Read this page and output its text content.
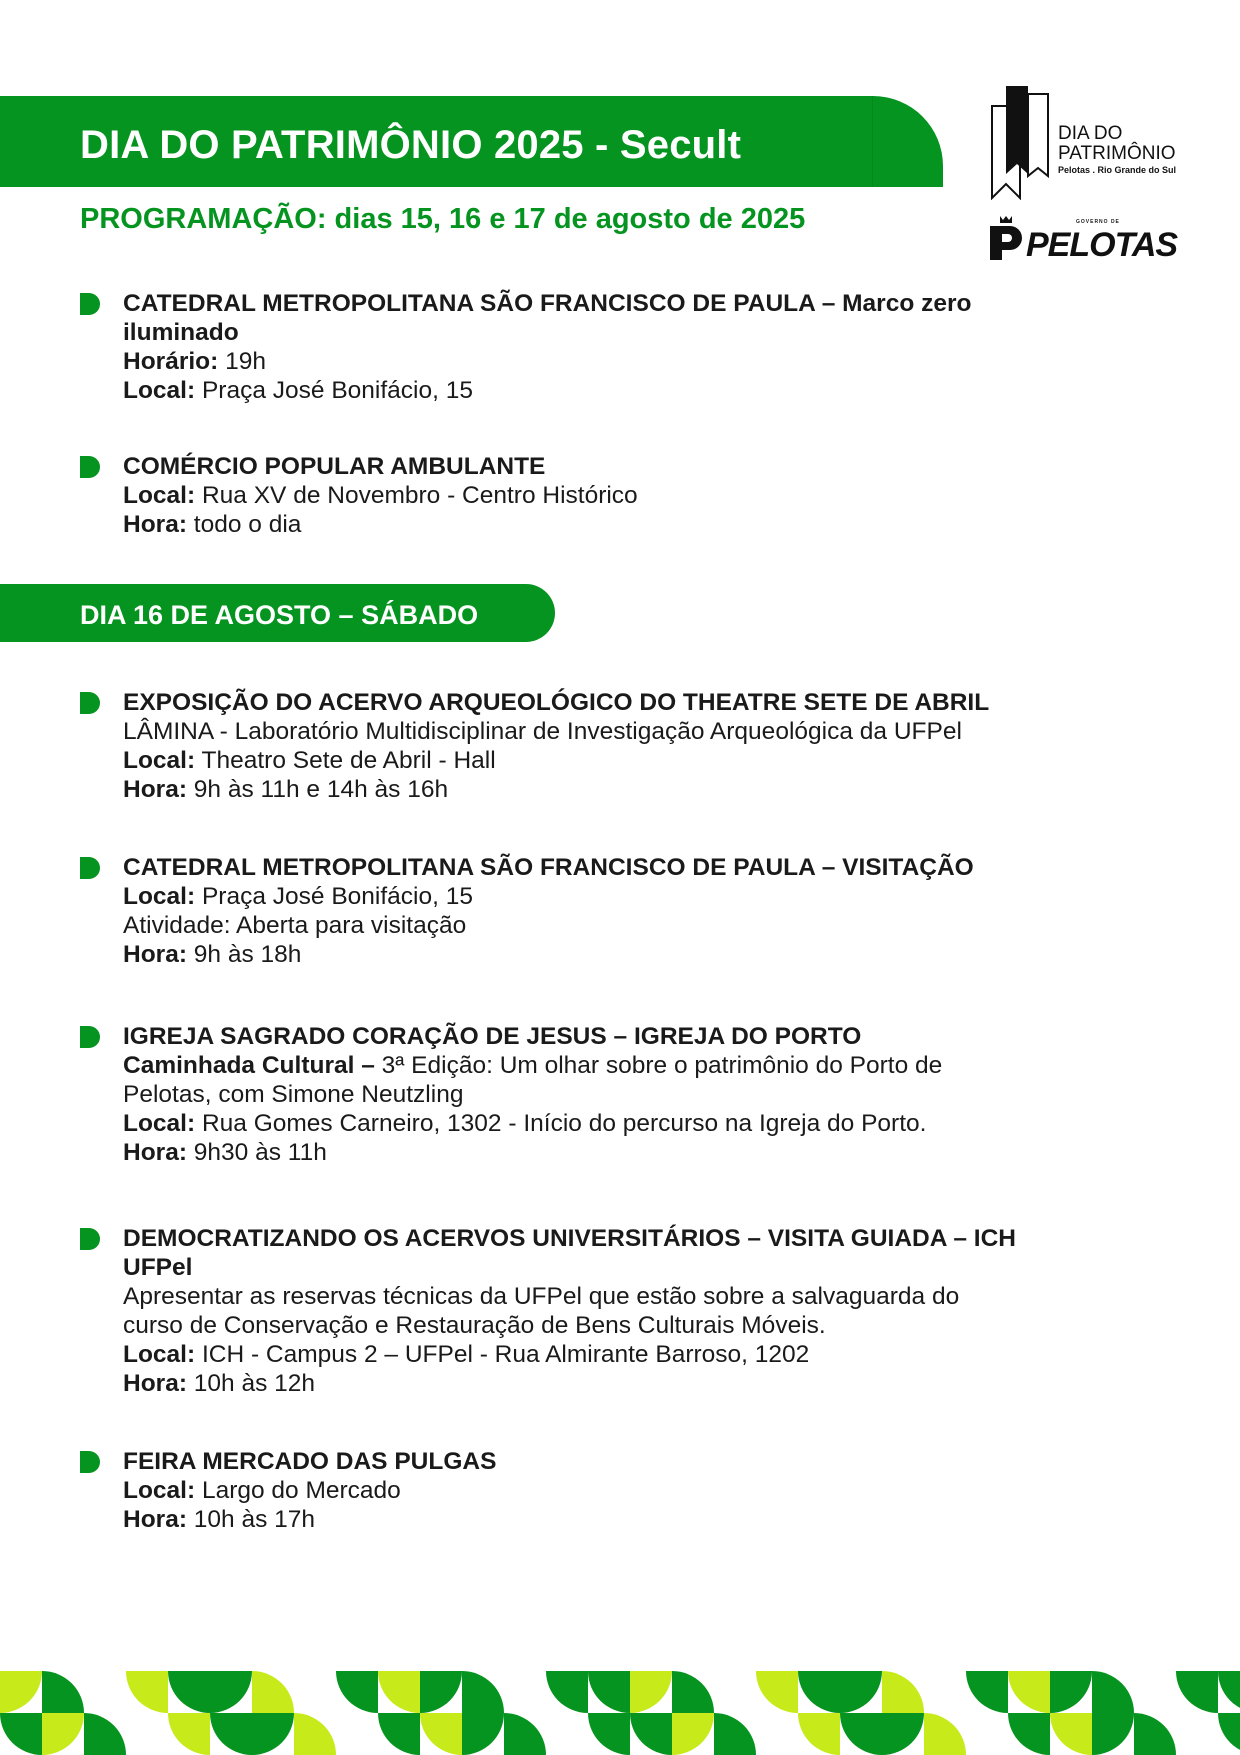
DIA DO PATRIMÔNIO 2025 - Secult
PROGRAMAÇÃO: dias 15, 16 e 17 de agosto de 2025
DIA DO
PATRIMÔNIO
Pelotas . Rio Grande do Sul
GOVERNO DE
PELOTAS
CATEDRAL METROPOLITANA SÃO FRANCISCO DE PAULA – Marco zero
iluminado
Horário: 19h
Local: Praça José Bonifácio, 15
COMÉRCIO POPULAR AMBULANTE
Local: Rua XV de Novembro - Centro Histórico
Hora: todo o dia
DIA 16 DE AGOSTO – SÁBADO
EXPOSIÇÃO DO ACERVO ARQUEOLÓGICO DO THEATRE SETE DE ABRIL
LÂMINA - Laboratório Multidisciplinar de Investigação Arqueológica da UFPel
Local: Theatro Sete de Abril - Hall
Hora: 9h às 11h e 14h às 16h
CATEDRAL METROPOLITANA SÃO FRANCISCO DE PAULA – VISITAÇÃO
Local: Praça José Bonifácio, 15
Atividade: Aberta para visitação
Hora: 9h às 18h
IGREJA SAGRADO CORAÇÃO DE JESUS – IGREJA DO PORTO
Caminhada Cultural – 3ª Edição: Um olhar sobre o patrimônio do Porto de
Pelotas, com Simone Neutzling
Local: Rua Gomes Carneiro, 1302 - Início do percurso na Igreja do Porto.
Hora: 9h30 às 11h
DEMOCRATIZANDO OS ACERVOS UNIVERSITÁRIOS – VISITA GUIADA – ICH
UFPel
Apresentar as reservas técnicas da UFPel que estão sobre a salvaguarda do
curso de Conservação e Restauração de Bens Culturais Móveis.
Local: ICH - Campus 2 – UFPel - Rua Almirante Barroso, 1202
Hora: 10h às 12h
FEIRA MERCADO DAS PULGAS
Local: Largo do Mercado
Hora: 10h às 17h
